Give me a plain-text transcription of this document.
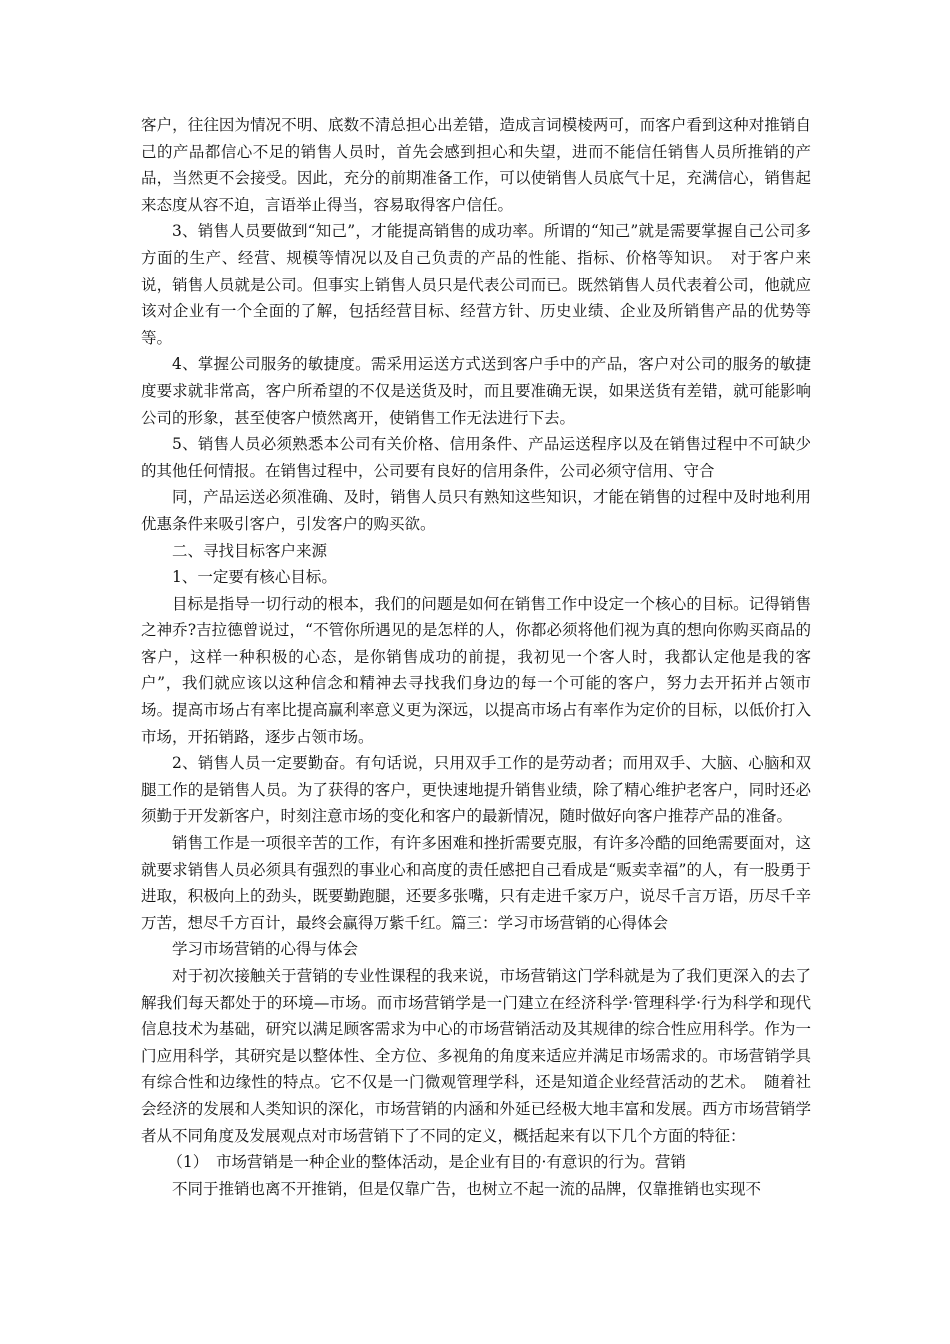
客户，往往因为情况不明、底数不清总担心出差错，造成言词模棱两可，而客户看到这种对推销自己的产品都信心不足的销售人员时，首先会感到担心和失望，进而不能信任销售人员所推销的产品，当然更不会接受。因此，充分的前期准备工作，可以使销售人员底气十足，充满信心，销售起来态度从容不迫，言语举止得当，容易取得客户信任。

3、销售人员要做到“知己”，才能提高销售的成功率。所谓的“知己”就是需要掌握自己公司多方面的生产、经营、规模等情况以及自己负责的产品的性能、指标、价格等知识。　对于客户来说，销售人员就是公司。但事实上销售人员只是代表公司而已。既然销售人员代表着公司，他就应该对企业有一个全面的了解，包括经营目标、经营方针、历史业绩、企业及所销售产品的优势等等。

4、掌握公司服务的敏捷度。需采用运送方式送到客户手中的产品，客户对公司的服务的敏捷度要求就非常高，客户所希望的不仅是送货及时，而且要准确无误，如果送货有差错，就可能影响公司的形象，甚至使客户愤然离开，使销售工作无法进行下去。

5、销售人员必须熟悉本公司有关价格、信用条件、产品运送程序以及在销售过程中不可缺少的其他任何情报。在销售过程中，公司要有良好的信用条件，公司必须守信用、守合

同，产品运送必须准确、及时，销售人员只有熟知这些知识，才能在销售的过程中及时地利用优惠条件来吸引客户，引发客户的购买欲。

二、寻找目标客户来源

1、一定要有核心目标。

目标是指导一切行动的根本，我们的问题是如何在销售工作中设定一个核心的目标。记得销售之神乔?吉拉德曾说过，“不管你所遇见的是怎样的人，你都必须将他们视为真的想向你购买商品的客户，这样一种积极的心态，是你销售成功的前提，我初见一个客人时，我都认定他是我的客户”，我们就应该以这种信念和精神去寻找我们身边的每一个可能的客户，努力去开拓并占领市场。提高市场占有率比提高赢利率意义更为深远，以提高市场占有率作为定价的目标，以低价打入市场，开拓销路，逐步占领市场。

2、销售人员一定要勤奋。有句话说，只用双手工作的是劳动者；而用双手、大脑、心脑和双腿工作的是销售人员。为了获得的客户，更快速地提升销售业绩，除了精心维护老客户，同时还必须勤于开发新客户，时刻注意市场的变化和客户的最新情况，随时做好向客户推荐产品的准备。

销售工作是一项很辛苦的工作，有许多困难和挫折需要克服，有许多冷酷的回绝需要面对，这就要求销售人员必须具有强烈的事业心和高度的责任感把自己看成是“贩卖幸福”的人，有一股勇于进取，积极向上的劲头，既要勤跑腿，还要多张嘴，只有走进千家万户，说尽千言万语，历尽千辛万苦，想尽千方百计，最终会赢得万紫千红。篇三：学习市场营销的心得体会

学习市场营销的心得与体会

对于初次接触关于营销的专业性课程的我来说，市场营销这门学科就是为了我们更深入的去了解我们每天都处于的环境—市场。而市场营销学是一门建立在经济科学·管理科学·行为科学和现代信息技术为基础，研究以满足顾客需求为中心的市场营销活动及其规律的综合性应用科学。作为一门应用科学，其研究是以整体性、全方位、多视角的角度来适应并满足市场需求的。市场营销学具有综合性和边缘性的特点。它不仅是一门微观管理学科，还是知道企业经营活动的艺术。　随着社会经济的发展和人类知识的深化，市场营销的内涵和外延已经极大地丰富和发展。西方市场营销学者从不同角度及发展观点对市场营销下了不同的定义，概括起来有以下几个方面的特征：

（1）　市场营销是一种企业的整体活动，是企业有目的·有意识的行为。营销

不同于推销也离不开推销，但是仅靠广告，也树立不起一流的品牌，仅靠推销也实现不
